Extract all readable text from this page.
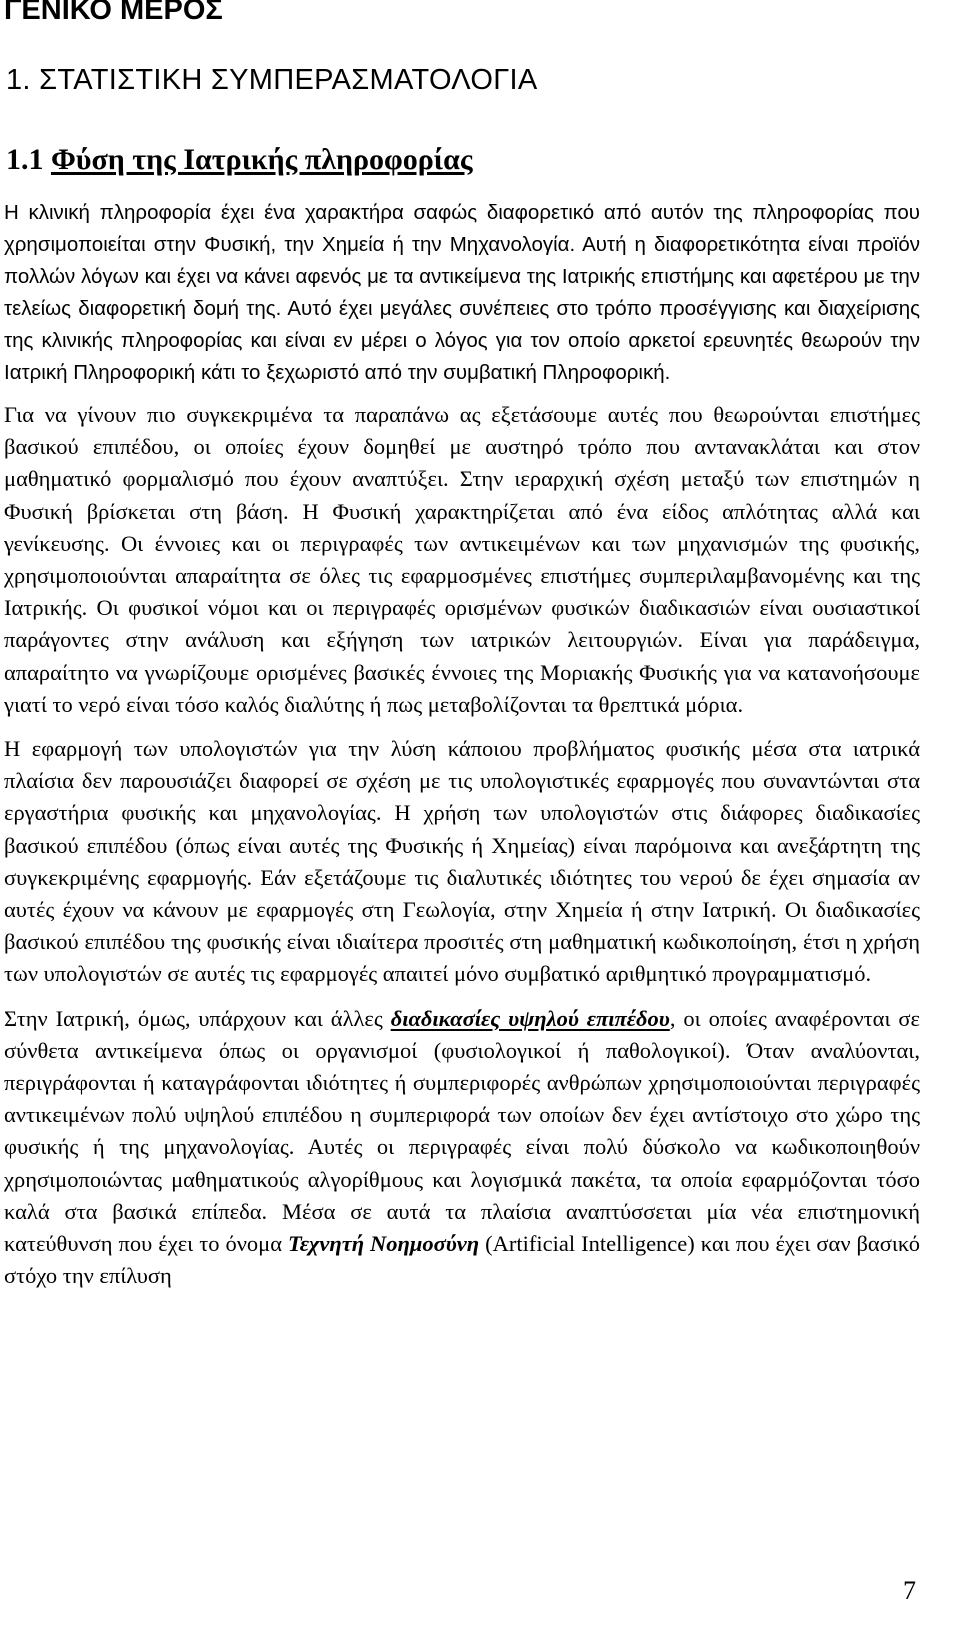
ΓΕΝΙΚΟ ΜΕΡΟΣ
1. ΣΤΑΤΙΣΤΙΚΗ ΣΥΜΠΕΡΑΣΜΑΤΟΛΟΓΙΑ
1.1 Φύση της Ιατρικής πληροφορίας

Η κλινική πληροφορία έχει ένα χαρακτήρα σαφώς διαφορετικό από αυτόν της πληροφορίας που χρησιμοποιείται στην Φυσική, την Χημεία ή την Μηχανολογία. Αυτή η διαφορετικότητα είναι προϊόν πολλών λόγων και έχει να κάνει αφενός με τα αντικείμενα της Ιατρικής επιστήμης και αφετέρου με την τελείως διαφορετική δομή της. Αυτό έχει μεγάλες συνέπειες στο τρόπο προσέγγισης και διαχείρισης της κλινικής πληροφορίας και είναι εν μέρει ο λόγος για τον οποίο αρκετοί ερευνητές θεωρούν την Ιατρική Πληροφορική κάτι το ξεχωριστό από την συμβατική Πληροφορική.

Για να γίνουν πιο συγκεκριμένα τα παραπάνω ας εξετάσουμε αυτές που θεωρούνται επιστήμες βασικού επιπέδου, οι οποίες έχουν δομηθεί με αυστηρό τρόπο που αντανακλάται και στον μαθηματικό φορμαλισμό που έχουν αναπτύξει. Στην ιεραρχική σχέση μεταξύ των επιστημών η Φυσική βρίσκεται στη βάση. Η Φυσική χαρακτηρίζεται από ένα είδος απλότητας αλλά και γενίκευσης. Οι έννοιες και οι περιγραφές των αντικειμένων και των μηχανισμών της φυσικής, χρησιμοποιούνται απαραίτητα σε όλες τις εφαρμοσμένες επιστήμες συμπεριλαμβανομένης και της Ιατρικής. Οι φυσικοί νόμοι και οι περιγραφές ορισμένων φυσικών διαδικασιών είναι ουσιαστικοί παράγοντες στην ανάλυση και εξήγηση των ιατρικών λειτουργιών. Είναι για παράδειγμα, απαραίτητο να γνωρίζουμε ορισμένες βασικές έννοιες της Μοριακής Φυσικής για να κατανοήσουμε γιατί το νερό είναι τόσο καλός διαλύτης ή πως μεταβολίζονται τα θρεπτικά μόρια.

Η εφαρμογή των υπολογιστών για την λύση κάποιου προβλήματος φυσικής μέσα στα ιατρικά πλαίσια δεν παρουσιάζει διαφορεί σε σχέση με τις υπολογιστικές εφαρμογές που συναντώνται στα εργαστήρια φυσικής και μηχανολογίας. Η χρήση των υπολογιστών στις διάφορες διαδικασίες βασικού επιπέδου (όπως είναι αυτές της Φυσικής ή Χημείας) είναι παρόμοινα και ανεξάρτητη της συγκεκριμένης εφαρμογής. Εάν εξετάζουμε τις διαλυτικές ιδιότητες του νερού δε έχει σημασία αν αυτές έχουν να κάνουν με εφαρμογές στη Γεωλογία, στην Χημεία ή στην Ιατρική. Οι διαδικασίες βασικού επιπέδου της φυσικής είναι ιδιαίτερα προσιτές στη μαθηματική κωδικοποίηση, έτσι η χρήση των υπολογιστών σε αυτές τις εφαρμογές απαιτεί μόνο συμβατικό αριθμητικό προγραμματισμό.

Στην Ιατρική, όμως, υπάρχουν και άλλες διαδικασίες υψηλού επιπέδου, οι οποίες αναφέρονται σε σύνθετα αντικείμενα όπως οι οργανισμοί (φυσιολογικοί ή παθολογικοί). Όταν αναλύονται, περιγράφονται ή καταγράφονται ιδιότητες ή συμπεριφορές ανθρώπων χρησιμοποιούνται περιγραφές αντικειμένων πολύ υψηλού επιπέδου η συμπεριφορά των οποίων δεν έχει αντίστοιχο στο χώρο της φυσικής ή της μηχανολογίας. Αυτές οι περιγραφές είναι πολύ δύσκολο να κωδικοποιηθούν χρησιμοποιώντας μαθηματικούς αλγορίθμους και λογισμικά πακέτα, τα οποία εφαρμόζονται τόσο καλά στα βασικά επίπεδα. Μέσα σε αυτά τα πλαίσια αναπτύσσεται μία νέα επιστημονική κατεύθυνση που έχει το όνομα Τεχνητή Νοημοσύνη (Artificial Intelligence) και που έχει σαν βασικό στόχο την επίλυση

7
